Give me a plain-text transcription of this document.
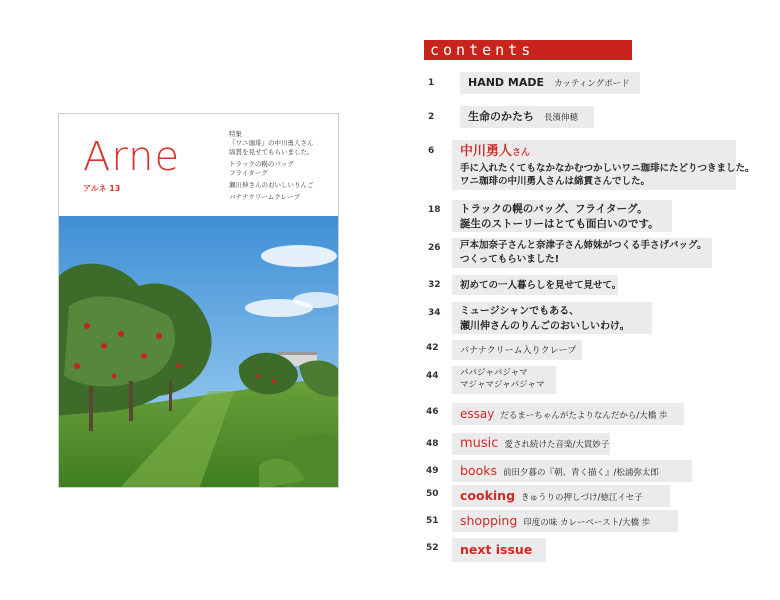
Arne
アルネ 13
特集
『ワニ珈琲』の中川勇人さん
綿貫を見せてもらいました。
トラックの幌のバッグ
フライターグ
瀬川伸さんのおいしいりんご
バナナクリームクレープ
contents
1	HAND MADE カッティングボード
2	生命のかたち 長濱伸穂
6	中川勇人さん
手に入れたくてもなかなかむつかしいワニ珈琲にたどりつきました。
ワニ珈琲の中川勇人さんは綿貫さんでした。
18	トラックの幌のバッグ、フライターグ。
誕生のストーリーはとても面白いのです。
26	戸本加奈子さんと奈津子さん姉妹がつくる手さげバッグ。
つくってもらいました!
32	初めての一人暮らしを見せて見せて。
34	ミュージシャンでもある、
瀬川伸さんのりんごのおいしいわけ。
42	バナナクリーム入りクレープ
44	パパジャパジャマ
マジャマジャパジャマ
46	essay だるまーちゃんがたよりなんだから/大橋 歩
48	music 愛され続けた音楽/大貫妙子
49	books 前田夕暮の『朝、青く描く』/松浦弥太郎
50	cooking きゅうりの押しづけ/徳江イセ子
51	shopping 印度の味 カレーペースト/大橋 歩
52	next issue
